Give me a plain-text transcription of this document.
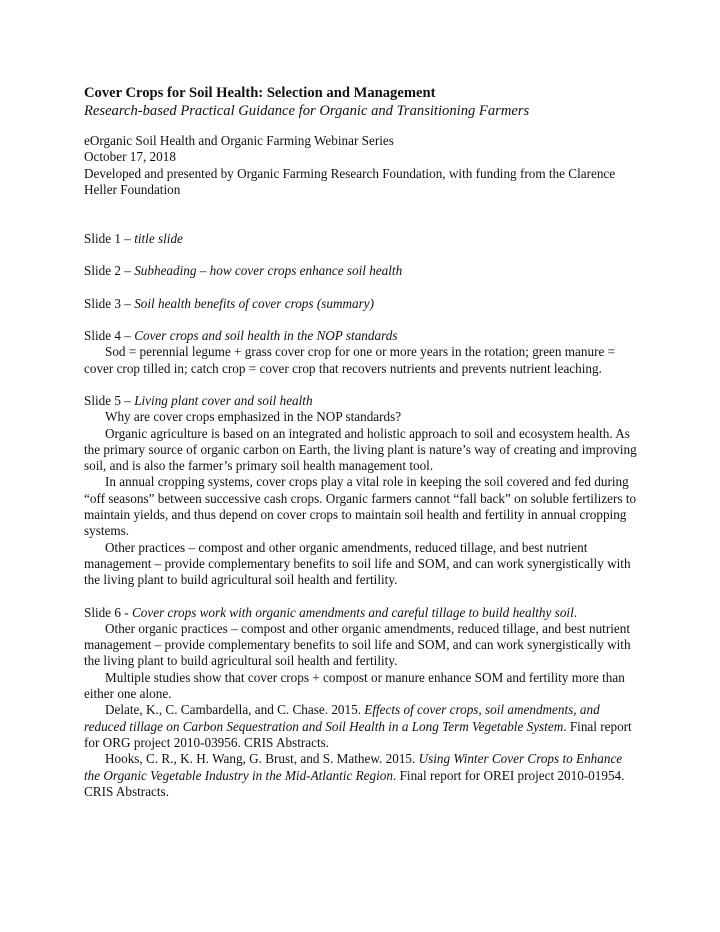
Cover Crops for Soil Health: Selection and Management

Research-based Practical Guidance for Organic and Transitioning Farmers

eOrganic Soil Health and Organic Farming Webinar Series

October 17, 2018

Developed and presented by Organic Farming Research Foundation, with funding from the Clarence Heller Foundation

Slide 1 – title slide

Slide 2 – Subheading – how cover crops enhance soil health

Slide 3 – Soil health benefits of cover crops (summary)

Slide 4 – Cover crops and soil health in the NOP standards

Sod = perennial legume + grass cover crop for one or more years in the rotation; green manure = cover crop tilled in; catch crop = cover crop that recovers nutrients and prevents nutrient leaching.

Slide 5 – Living plant cover and soil health

Why are cover crops emphasized in the NOP standards?

Organic agriculture is based on an integrated and holistic approach to soil and ecosystem health. As the primary source of organic carbon on Earth, the living plant is nature’s way of creating and improving soil, and is also the farmer’s primary soil health management tool.

In annual cropping systems, cover crops play a vital role in keeping the soil covered and fed during “off seasons” between successive cash crops. Organic farmers cannot “fall back” on soluble fertilizers to maintain yields, and thus depend on cover crops to maintain soil health and fertility in annual cropping systems.

Other practices – compost and other organic amendments, reduced tillage, and best nutrient management – provide complementary benefits to soil life and SOM, and can work synergistically with the living plant to build agricultural soil health and fertility.

Slide 6 - Cover crops work with organic amendments and careful tillage to build healthy soil.

Other organic practices – compost and other organic amendments, reduced tillage, and best nutrient management – provide complementary benefits to soil life and SOM, and can work synergistically with the living plant to build agricultural soil health and fertility.

Multiple studies show that cover crops + compost or manure enhance SOM and fertility more than either one alone.

Delate, K., C. Cambardella, and C. Chase. 2015. Effects of cover crops, soil amendments, and reduced tillage on Carbon Sequestration and Soil Health in a Long Term Vegetable System. Final report for ORG project 2010-03956. CRIS Abstracts.

Hooks, C. R., K. H. Wang, G. Brust, and S. Mathew. 2015. Using Winter Cover Crops to Enhance the Organic Vegetable Industry in the Mid-Atlantic Region. Final report for OREI project 2010-01954. CRIS Abstracts.
